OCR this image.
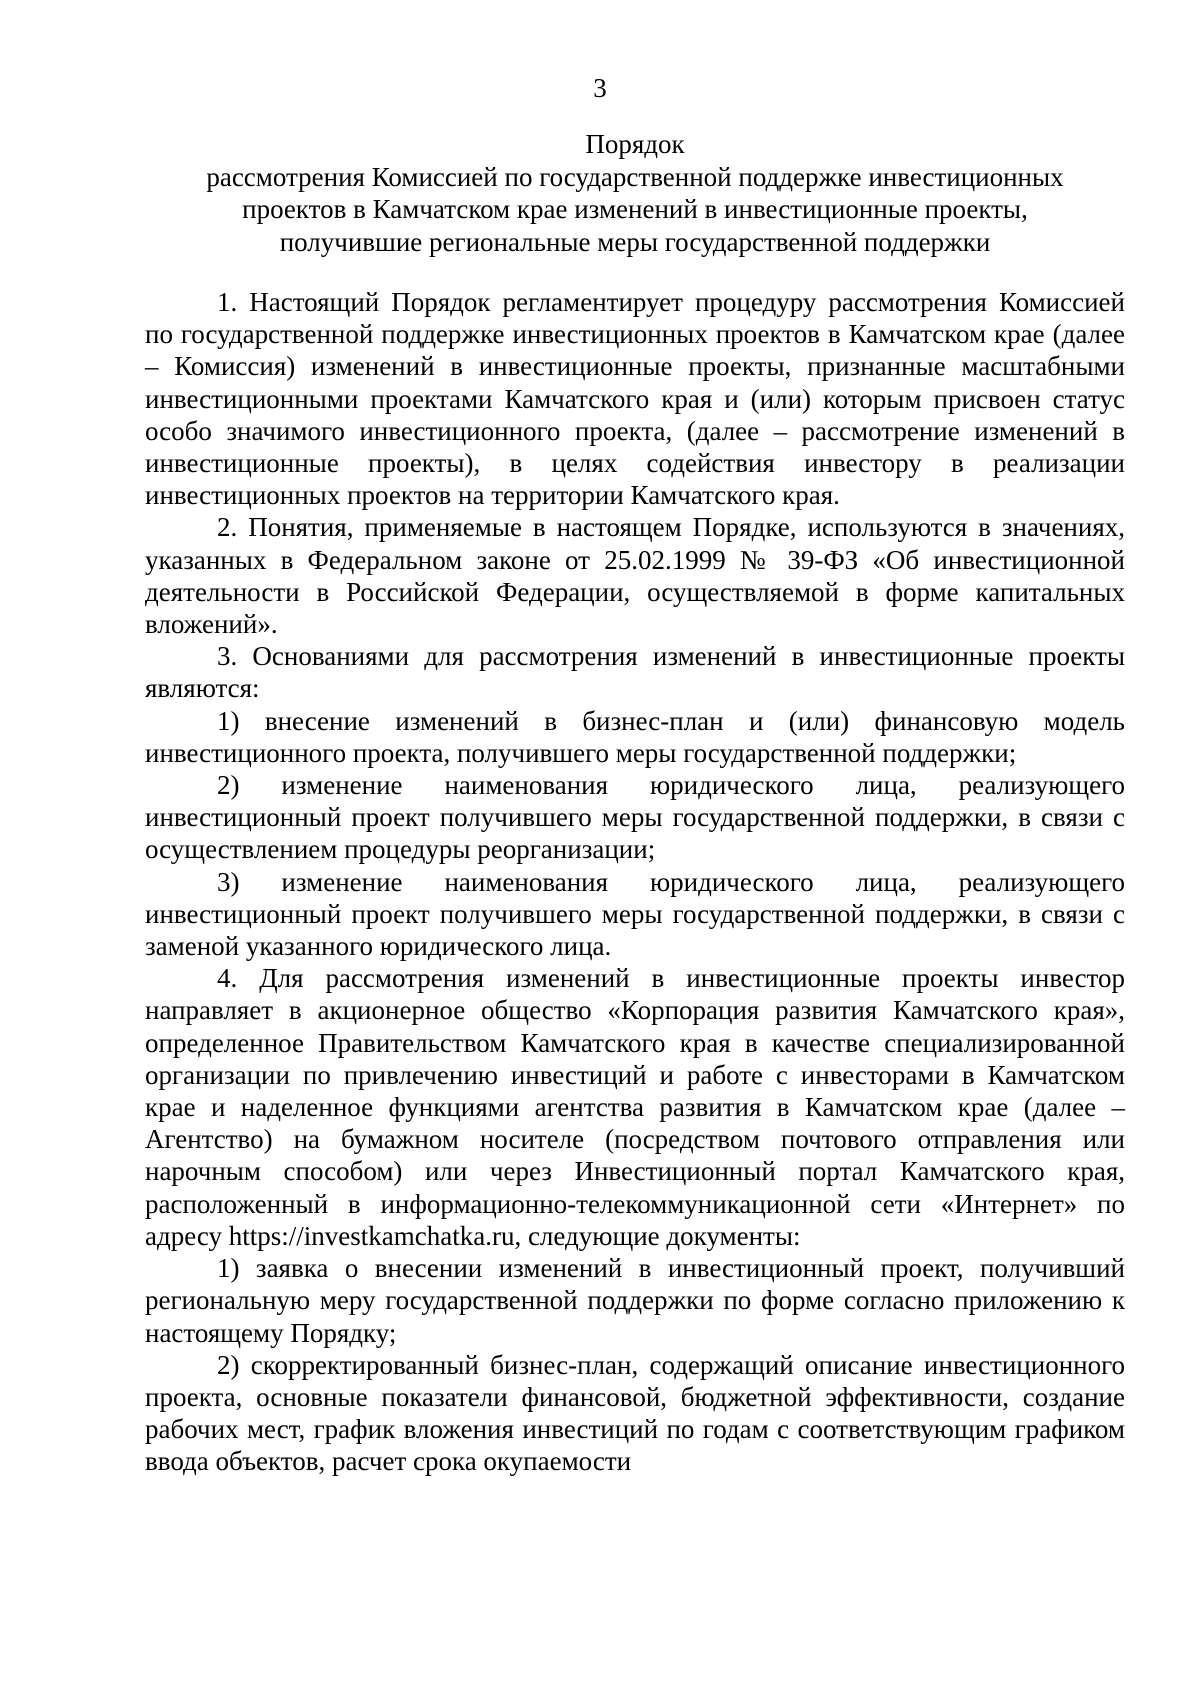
3
Порядок
рассмотрения Комиссией по государственной поддержке инвестиционных
проектов в Камчатском крае изменений в инвестиционные проекты,
получившие региональные меры государственной поддержки

1. Настоящий Порядок регламентирует процедуру рассмотрения Комиссией по государственной поддержке инвестиционных проектов в Камчатском крае (далее – Комиссия) изменений в инвестиционные проекты, признанные масштабными инвестиционными проектами Камчатского края и (или) которым присвоен статус особо значимого инвестиционного проекта, (далее – рассмотрение изменений в инвестиционные проекты), в целях содействия инвестору в реализации инвестиционных проектов на территории Камчатского края.

2. Понятия, применяемые в настоящем Порядке, используются в значениях, указанных в Федеральном законе от 25.02.1999 № 39-ФЗ «Об инвестиционной деятельности в Российской Федерации, осуществляемой в форме капитальных вложений».

3. Основаниями для рассмотрения изменений в инвестиционные проекты являются:

1) внесение изменений в бизнес-план и (или) финансовую модель инвестиционного проекта, получившего меры государственной поддержки;

2) изменение наименования юридического лица, реализующего инвестиционный проект получившего меры государственной поддержки, в связи с осуществлением процедуры реорганизации;

3) изменение наименования юридического лица, реализующего инвестиционный проект получившего меры государственной поддержки, в связи с заменой указанного юридического лица.

4. Для рассмотрения изменений в инвестиционные проекты инвестор направляет в акционерное общество «Корпорация развития Камчатского края», определенное Правительством Камчатского края в качестве специализированной организации по привлечению инвестиций и работе с инвесторами в Камчатском крае и наделенное функциями агентства развития в Камчатском крае (далее – Агентство) на бумажном носителе (посредством почтового отправления или нарочным способом) или через Инвестиционный портал Камчатского края, расположенный в информационно-телекоммуникационной сети «Интернет» по адресу https://investkamchatka.ru, следующие документы:

1) заявка о внесении изменений в инвестиционный проект, получивший региональную меру государственной поддержки по форме согласно приложению к настоящему Порядку;

2) скорректированный бизнес-план, содержащий описание инвестиционного проекта, основные показатели финансовой, бюджетной эффективности, создание рабочих мест, график вложения инвестиций по годам с соответствующим графиком ввода объектов, расчет срока окупаемости
